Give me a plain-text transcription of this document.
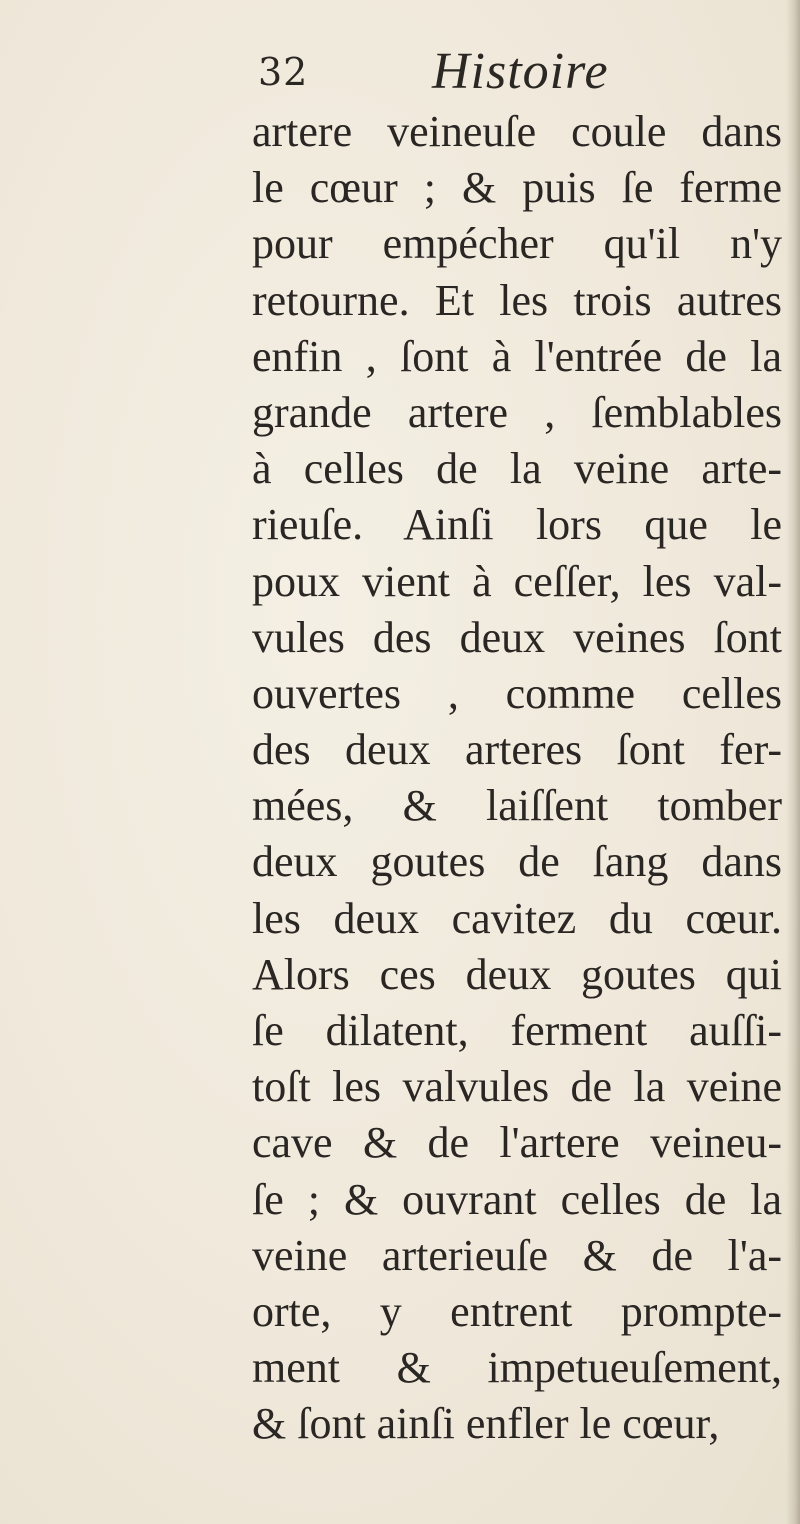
32 Histoire
artere veineuſe coule dans
le cœur ; & puis ſe ferme
pour empécher qu'il n'y
retourne. Et les trois autres
enfin , ſont à l'entrée de la
grande artere , ſemblables
à celles de la veine arte-
rieuſe. Ainſi lors que le
poux vient à ceſſer, les val-
vules des deux veines ſont
ouvertes , comme celles
des deux arteres ſont fer-
mées, & laiſſent tomber
deux goutes de ſang dans
les deux cavitez du cœur.
Alors ces deux goutes qui
ſe dilatent, ferment auſſi-
toſt les valvules de la veine
cave & de l'artere veineu-
ſe ; & ouvrant celles de la
veine arterieuſe & de l'a-
orte, y entrent prompte-
ment & impetueuſement,
& ſont ainſi enfler le cœur,
